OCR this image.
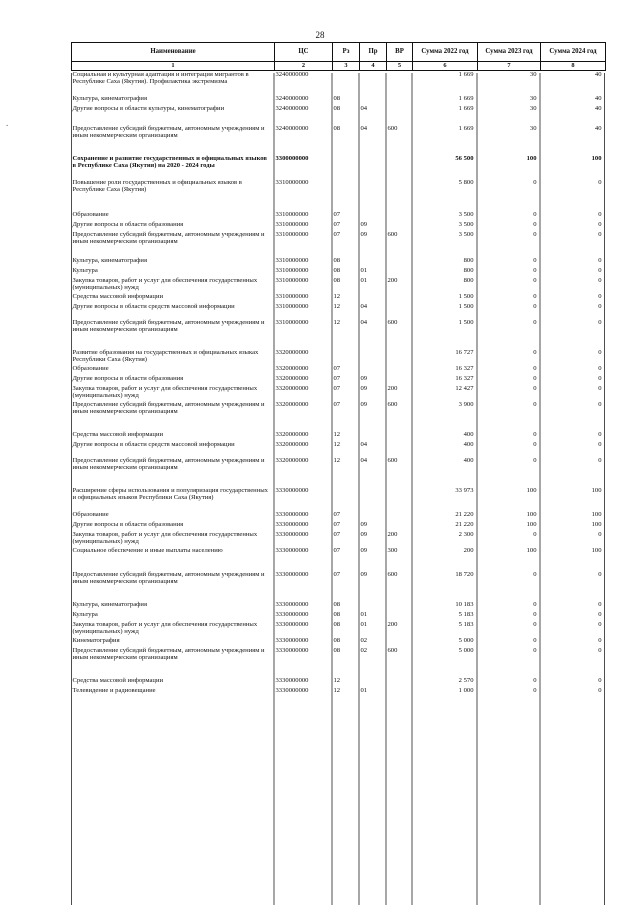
28
.
Наименование	ЦС	Рз	Пр	ВР	Сумма 2022 год	Сумма 2023 год	Сумма 2024 год
1	2	3	4	5	6	7	8
Социальная и культурная адаптация и интеграция мигрантов в Республике Саха (Якутия). Профилактика экстремизма	3240000000				1 669	30	40
Культура, кинематография	3240000000	08			1 669	30	40
Другие вопросы в области культуры, кинематографии	3240000000	08	04		1 669	30	40

Предоставление субсидий бюджетным, автономным учреждениям и иным некоммерческим организациям	3240000000	08	04	600	1 669	30	40

Сохранение и развитие государственных и официальных языков в Республике Саха (Якутия) на 2020 - 2024 годы	3300000000				56 500	100	100
Повышение роли государственных и официальных языков в Республике Саха (Якутия)	3310000000				5 800	0	0

Образование	3310000000	07			3 500	0	0
Другие вопросы в области образования	3310000000	07	09		3 500	0	0
Предоставление субсидий бюджетным, автономным учреждениям и иным некоммерческим организациям	3310000000	07	09	600	3 500	0	0

Культура, кинематография	3310000000	08			800	0	0
Культура	3310000000	08	01		800	0	0
Закупка товаров, работ и услуг для обеспечения государственных (муниципальных) нужд	3310000000	08	01	200	800	0	0
Средства массовой информации	3310000000	12			1 500	0	0
Другие вопросы в области средств массовой информации	3310000000	12	04		1 500	0	0
Предоставление субсидий бюджетным, автономным учреждениям и иным некоммерческим организациям	3310000000	12	04	600	1 500	0	0

Развитие образования на государственных и официальных языках Республики Саха (Якутия)	3320000000				16 727	0	0
Образование	3320000000	07			16 327	0	0
Другие вопросы в области образования	3320000000	07	09		16 327	0	0
Закупка товаров, работ и услуг для обеспечения государственных (муниципальных) нужд	3320000000	07	09	200	12 427	0	0
Предоставление субсидий бюджетным, автономным учреждениям и иным некоммерческим организациям	3320000000	07	09	600	3 900	0	0

Средства массовой информации	3320000000	12			400	0	0
Другие вопросы в области средств массовой информации	3320000000	12	04		400	0	0
Предоставление субсидий бюджетным, автономным учреждениям и иным некоммерческим организациям	3320000000	12	04	600	400	0	0

Расширение сферы использования и популяризация государственных и официальных языков Республики Саха (Якутия)	3330000000				33 973	100	100
Образование	3330000000	07			21 220	100	100
Другие вопросы в области образования	3330000000	07	09		21 220	100	100
Закупка товаров, работ и услуг для обеспечения государственных (муниципальных) нужд	3330000000	07	09	200	2 300	0	0
Социальное обеспечение и иные выплаты населению	3330000000	07	09	300	200	100	100

Предоставление субсидий бюджетным, автономным учреждениям и иным некоммерческим организациям	3330000000	07	09	600	18 720	0	0

Культура, кинематография	3330000000	08			10 183	0	0
Культура	3330000000	08	01		5 183	0	0
Закупка товаров, работ и услуг для обеспечения государственных (муниципальных) нужд	3330000000	08	01	200	5 183	0	0
Кинематография	3330000000	08	02		5 000	0	0
Предоставление субсидий бюджетным, автономным учреждениям и иным некоммерческим организациям	3330000000	08	02	600	5 000	0	0

Средства массовой информации	3330000000	12			2 570	0	0
Телевидение и радиовещание	3330000000	12	01		1 000	0	0
